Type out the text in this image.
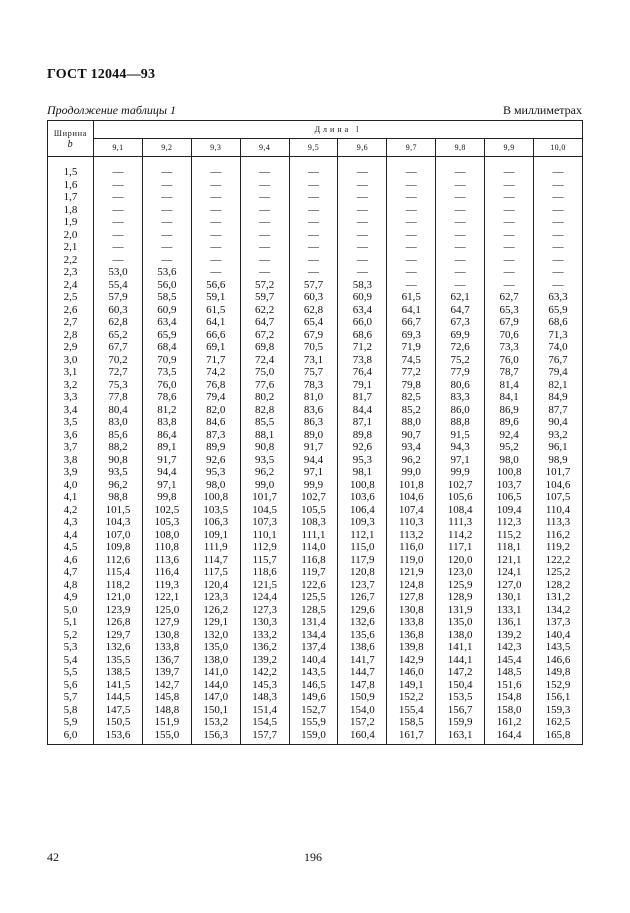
ГОСТ 12044—93
Продолжение таблицы 1	В миллиметрах
Ширина
b	Длина l									
	9,1	9,2	9,3	9,4	9,5	9,6	9,7	9,8	9,9	10,0

1,5	—	—	—	—	—	—	—	—	—	—
1,6	—	—	—	—	—	—	—	—	—	—
1,7	—	—	—	—	—	—	—	—	—	—
1,8	—	—	—	—	—	—	—	—	—	—
1,9	—	—	—	—	—	—	—	—	—	—
2,0	—	—	—	—	—	—	—	—	—	—
2,1	—	—	—	—	—	—	—	—	—	—
2,2	—	—	—	—	—	—	—	—	—	—
2,3	53,0	53,6	—	—	—	—	—	—	—	—
2,4	55,4	56,0	56,6	57,2	57,7	58,3	—	—	—	—
2,5	57,9	58,5	59,1	59,7	60,3	60,9	61,5	62,1	62,7	63,3
2,6	60,3	60,9	61,5	62,2	62,8	63,4	64,1	64,7	65,3	65,9
2,7	62,8	63,4	64,1	64,7	65,4	66,0	66,7	67,3	67,9	68,6
2,8	65,2	65,9	66,6	67,2	67,9	68,6	69,3	69,9	70,6	71,3
2,9	67,7	68,4	69,1	69,8	70,5	71,2	71,9	72,6	73,3	74,0
3,0	70,2	70,9	71,7	72,4	73,1	73,8	74,5	75,2	76,0	76,7
3,1	72,7	73,5	74,2	75,0	75,7	76,4	77,2	77,9	78,7	79,4
3,2	75,3	76,0	76,8	77,6	78,3	79,1	79,8	80,6	81,4	82,1
3,3	77,8	78,6	79,4	80,2	81,0	81,7	82,5	83,3	84,1	84,9
3,4	80,4	81,2	82,0	82,8	83,6	84,4	85,2	86,0	86,9	87,7
3,5	83,0	83,8	84,6	85,5	86,3	87,1	88,0	88,8	89,6	90,4
3,6	85,6	86,4	87,3	88,1	89,0	89,8	90,7	91,5	92,4	93,2
3,7	88,2	89,1	89,9	90,8	91,7	92,6	93,4	94,3	95,2	96,1
3,8	90,8	91,7	92,6	93,5	94,4	95,3	96,2	97,1	98,0	98,9
3,9	93,5	94,4	95,3	96,2	97,1	98,1	99,0	99,9	100,8	101,7
4,0	96,2	97,1	98,0	99,0	99,9	100,8	101,8	102,7	103,7	104,6
4,1	98,8	99,8	100,8	101,7	102,7	103,6	104,6	105,6	106,5	107,5
4,2	101,5	102,5	103,5	104,5	105,5	106,4	107,4	108,4	109,4	110,4
4,3	104,3	105,3	106,3	107,3	108,3	109,3	110,3	111,3	112,3	113,3
4,4	107,0	108,0	109,1	110,1	111,1	112,1	113,2	114,2	115,2	116,2
4,5	109,8	110,8	111,9	112,9	114,0	115,0	116,0	117,1	118,1	119,2
4,6	112,6	113,6	114,7	115,7	116,8	117,9	119,0	120,0	121,1	122,2
4,7	115,4	116,4	117,5	118,6	119,7	120,8	121,9	123,0	124,1	125,2
4,8	118,2	119,3	120,4	121,5	122,6	123,7	124,8	125,9	127,0	128,2
4,9	121,0	122,1	123,3	124,4	125,5	126,7	127,8	128,9	130,1	131,2
5,0	123,9	125,0	126,2	127,3	128,5	129,6	130,8	131,9	133,1	134,2
5,1	126,8	127,9	129,1	130,3	131,4	132,6	133,8	135,0	136,1	137,3
5,2	129,7	130,8	132,0	133,2	134,4	135,6	136,8	138,0	139,2	140,4
5,3	132,6	133,8	135,0	136,2	137,4	138,6	139,8	141,1	142,3	143,5
5,4	135,5	136,7	138,0	139,2	140,4	141,7	142,9	144,1	145,4	146,6
5,5	138,5	139,7	141,0	142,2	143,5	144,7	146,0	147,2	148,5	149,8
5,6	141,5	142,7	144,0	145,3	146,5	147,8	149,1	150,4	151,6	152,9
5,7	144,5	145,8	147,0	148,3	149,6	150,9	152,2	153,5	154,8	156,1
5,8	147,5	148,8	150,1	151,4	152,7	154,0	155,4	156,7	158,0	159,3
5,9	150,5	151,9	153,2	154,5	155,9	157,2	158,5	159,9	161,2	162,5
6,0	153,6	155,0	156,3	157,7	159,0	160,4	161,7	163,1	164,4	165,8
42	196
